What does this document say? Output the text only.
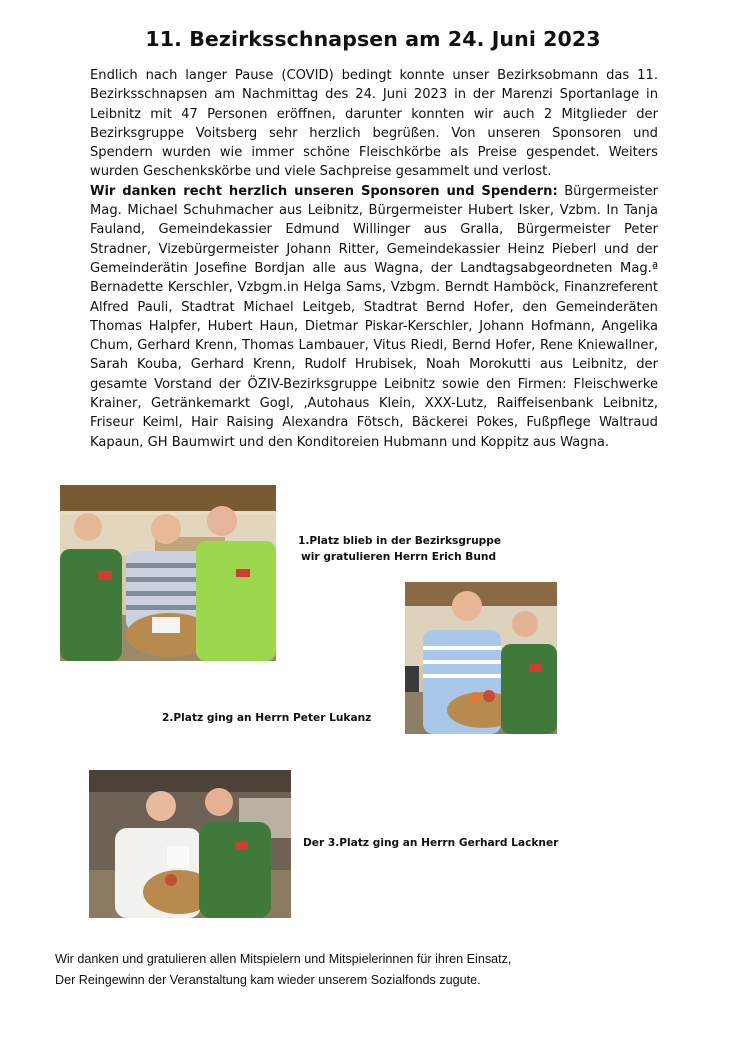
11. Bezirksschnapsen am 24. Juni 2023

Endlich nach langer Pause (COVID) bedingt konnte unser Bezirksobmann das 11. Bezirksschnapsen am Nachmittag des 24. Juni 2023 in der Marenzi Sportanlage in Leibnitz mit 47 Personen eröffnen, darunter konnten wir auch 2 Mitglieder der Bezirksgruppe Voitsberg sehr herzlich begrüßen. Von unseren Sponsoren und Spendern wurden wie immer schöne Fleischkörbe als Preise gespendet. Weiters wurden Geschenkskörbe und viele Sachpreise gesammelt und verlost.

Wir danken recht herzlich unseren Sponsoren und Spendern: Bürgermeister Mag. Michael Schuhmacher aus Leibnitz, Bürgermeister Hubert Isker, Vzbm. In Tanja Fauland, Gemeindekassier Edmund Willinger aus Gralla, Bürgermeister Peter Stradner, Vizebürgermeister Johann Ritter, Gemeindekassier Heinz Pieberl und der Gemeinderätin Josefine Bordjan alle aus Wagna, der Landtagsabgeordneten Mag.ª Bernadette Kerschler, Vzbgm.in Helga Sams, Vzbgm. Berndt Hamböck, Finanzreferent Alfred Pauli, Stadtrat Michael Leitgeb, Stadtrat Bernd Hofer, den Gemeinderäten Thomas Halpfer, Hubert Haun, Dietmar Piskar-Kerschler, Johann Hofmann, Angelika Chum, Gerhard Krenn, Thomas Lambauer, Vitus Riedl, Bernd Hofer, Rene Kniewallner, Sarah Kouba, Gerhard Krenn, Rudolf Hrubisek, Noah Morokutti aus Leibnitz, der gesamte Vorstand der ÖZIV-Bezirksgruppe Leibnitz sowie den Firmen: Fleischwerke Krainer, Getränkemarkt Gogl, ‚Autohaus Klein, XXX-Lutz, Raiffeisenbank Leibnitz, Friseur Keiml, Hair Raising Alexandra Fötsch, Bäckerei Pokes, Fußpflege Waltraud Kapaun, GH Baumwirt und den Konditoreien Hubmann und Koppitz aus Wagna.

1.Platz blieb in der Bezirksgruppe
wir gratulieren Herrn Erich Bund
2.Platz ging an Herrn Peter Lukanz
Der 3.Platz ging an Herrn Gerhard Lackner
Wir danken und gratulieren allen Mitspielern und Mitspielerinnen für ihren Einsatz,
Der Reingewinn der Veranstaltung kam wieder unserem Sozialfonds zugute.
